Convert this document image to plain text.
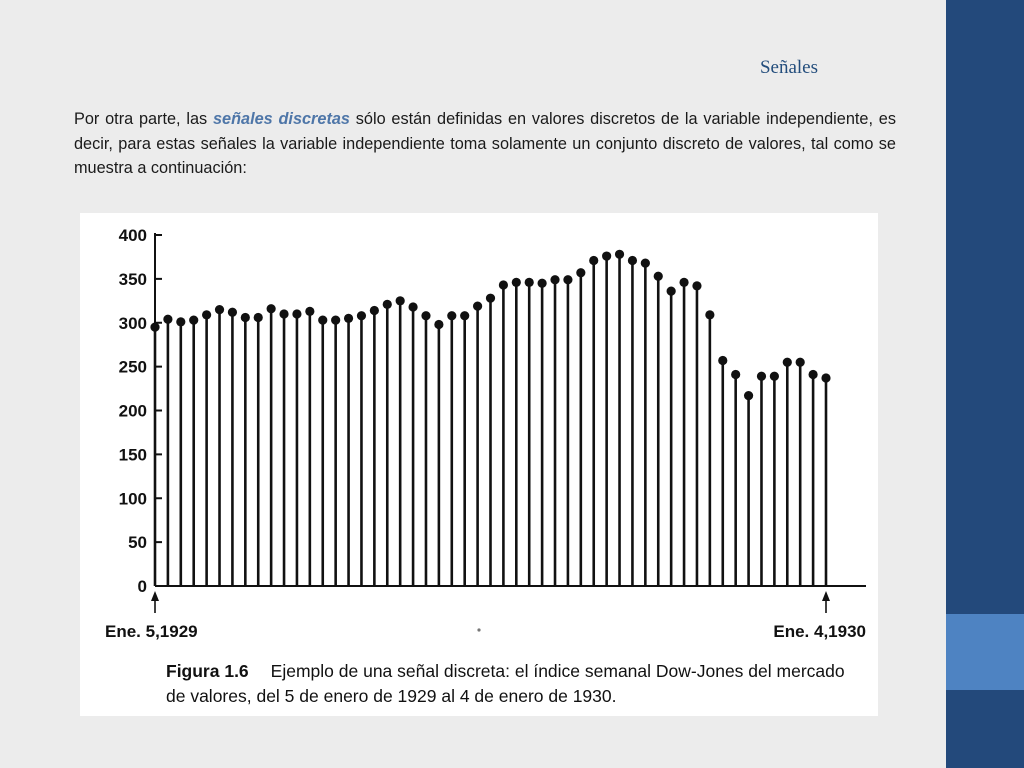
Señales
Por otra parte, las señales discretas sólo están definidas en valores discretos de la variable independiente, es decir, para estas señales la variable independiente toma solamente un conjunto discreto de valores, tal como se muestra a continuación:
0
50
100
150
200
250
300
350
400
Ene. 5,1929	Ene. 4,1930
Figura 1.6 Ejemplo de una señal discreta: el índice semanal Dow-Jones del mercado de valores, del 5 de enero de 1929 al 4 de enero de 1930.
